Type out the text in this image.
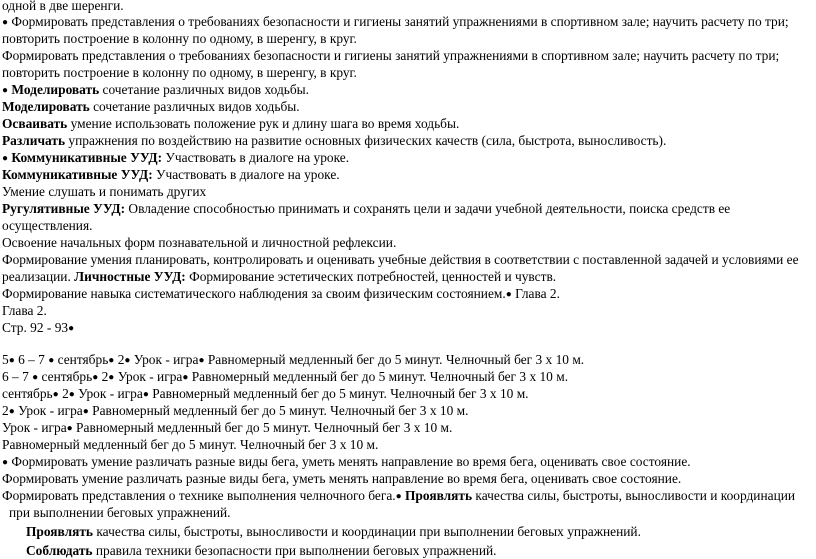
одной в две шеренги.
● Формировать представления о требованиях безопасности и гигиены занятий упражнениями в спортивном зале; научить расчету по три;
повторить построение в колонну по одному, в шеренгу, в круг.
Формировать представления о требованиях безопасности и гигиены занятий упражнениями в спортивном зале; научить расчету по три;
повторить построение в колонну по одному, в шеренгу, в круг.
● Моделировать сочетание различных видов ходьбы.
Моделировать сочетание различных видов ходьбы.
Осваивать умение использовать положение рук и длину шага во время ходьбы.
Различать упражнения по воздействию на развитие основных физических качеств (сила, быстрота, выносливость).
● Коммуникативные УУД: Участвовать в диалоге на уроке.
Коммуникативные УУД: Участвовать в диалоге на уроке.
Умение слушать и понимать других
Ругулятивные УУД: Овладение способностью принимать и сохранять цели и задачи учебной деятельности, поиска средств ее
осуществления.
Освоение начальных форм познавательной и личностной рефлексии.
Формирование умения планировать, контролировать и оценивать учебные действия в соответствии с поставленной задачей и условиями ее
реализации. Личностные УУД: Формирование эстетических потребностей, ценностей и чувств.
Формирование навыка систематического наблюдения за своим физическим состоянием.● Глава 2.
Глава 2.
Стр. 92 - 93●
5● 6 – 7 ● сентябрь● 2● Урок - игра● Равномерный медленный бег до 5 минут. Челночный бег 3 х 10 м.
6 – 7 ● сентябрь● 2● Урок - игра● Равномерный медленный бег до 5 минут. Челночный бег 3 х 10 м.
сентябрь● 2● Урок - игра● Равномерный медленный бег до 5 минут. Челночный бег 3 х 10 м.
2● Урок - игра● Равномерный медленный бег до 5 минут. Челночный бег 3 х 10 м.
Урок - игра● Равномерный медленный бег до 5 минут. Челночный бег 3 х 10 м.
Равномерный медленный бег до 5 минут. Челночный бег 3 х 10 м.
● Формировать умение различать разные виды бега, уметь менять направление во время бега, оценивать свое состояние.
Формировать умение различать разные виды бега, уметь менять направление во время бега, оценивать свое состояние.
Формировать представления о технике выполнения челночного бега.● Проявлять качества силы, быстроты, выносливости и координации
при выполнении беговых упражнений.
Проявлять качества силы, быстроты, выносливости и координации при выполнении беговых упражнений.
Соблюдать правила техники безопасности при выполнении беговых упражнений.
